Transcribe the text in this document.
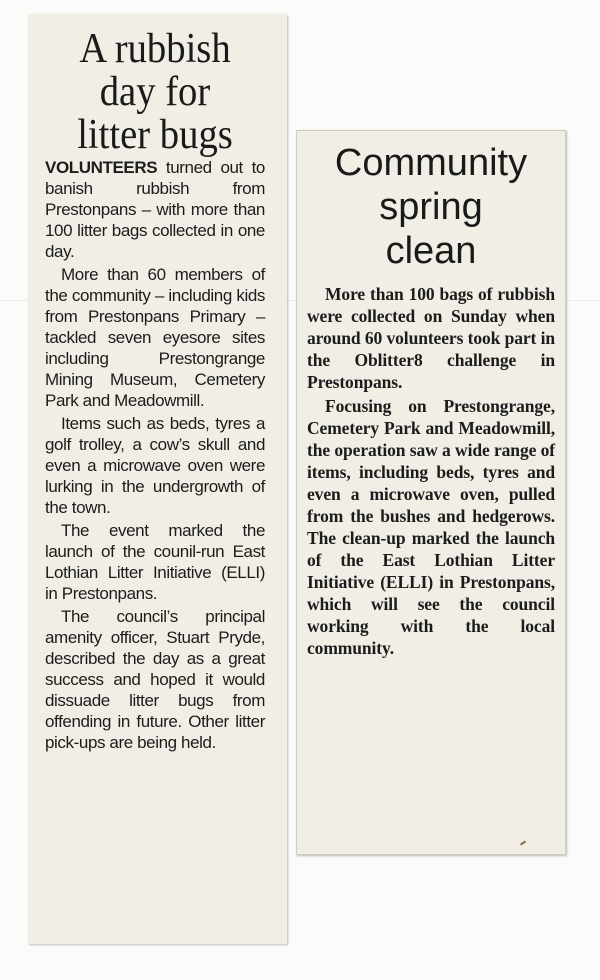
A rubbish
day for
litter bugs

VOLUNTEERS turned out to banish rubbish from Prestonpans – with more than 100 litter bags collected in one day.

More than 60 members of the community – including kids from Prestonpans Primary – tackled seven eyesore sites including Prestongrange Mining Museum, Cemetery Park and Meadowmill.

Items such as beds, tyres a golf trolley, a cow’s skull and even a microwave oven were lurking in the undergrowth of the town.

The event marked the launch of the counil-run East Lothian Litter Initiative (ELLI) in Prestonpans.

The council’s principal amenity officer, Stuart Pryde, described the day as a great success and hoped it would dissuade litter bugs from offending in future. Other litter pick-ups are being held.

Community
spring
clean

More than 100 bags of rubbish were collected on Sunday when around 60 volunteers took part in the Oblitter8 challenge in Prestonpans.

Focusing on Prestongrange, Cemetery Park and Meadowmill, the operation saw a wide range of items, including beds, tyres and even a microwave oven, pulled from the bushes and hedgerows. The clean-up marked the launch of the East Lothian Litter Initiative (ELLI) in Prestonpans, which will see the council working with the local community.
